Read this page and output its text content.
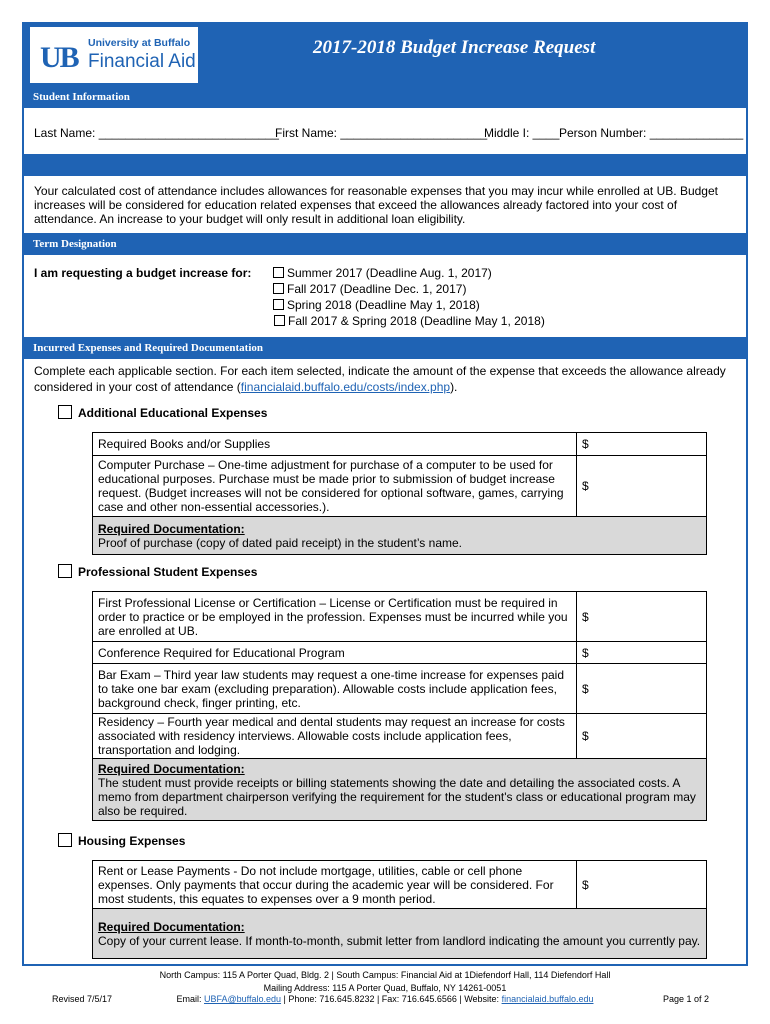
UB University at Buffalo
Financial Aid
2017-2018 Budget Increase Request
Student Information
Last Name: ___________________________
First Name: ______________________
Middle I: ____ Person Number: ______________
Your calculated cost of attendance includes allowances for reasonable expenses that you may incur while enrolled at UB. Budget
increases will be considered for education related expenses that exceed the allowances already factored into your cost of
attendance. An increase to your budget will only result in additional loan eligibility.
Term Designation
I am requesting a budget increase for:	Summer 2017 (Deadline Aug. 1, 2017)
Fall 2017 (Deadline Dec. 1, 2017)
Spring 2018 (Deadline May 1, 2018)
Fall 2017 & Spring 2018 (Deadline May 1, 2018)
Incurred Expenses and Required Documentation
Complete each applicable section. For each item selected, indicate the amount of the expense that exceeds the allowance already
considered in your cost of attendance (financialaid.buffalo.edu/costs/index.php).
Additional Educational Expenses
Required Books and/or Supplies	$
Computer Purchase – One-time adjustment for purchase of a computer to be used for educational purposes. Purchase must be made prior to submission of budget increase request. (Budget increases will not be considered for optional software, games, carrying case and other non-essential accessories.).	$

Required Documentation:
Proof of purchase (copy of dated paid receipt) in the student’s name.	
Professional Student Expenses
First Professional License or Certification – License or Certification must be required in order to practice or be employed in the profession. Expenses must be incurred while you are enrolled at UB.	$
Conference Required for Educational Program	$
Bar Exam – Third year law students may request a one-time increase for expenses paid to take one bar exam (excluding preparation). Allowable costs include application fees, background check, finger printing, etc.	$
Residency – Fourth year medical and dental students may request an increase for costs associated with residency interviews. Allowable costs include application fees, transportation and lodging.	$

Required Documentation:
The student must provide receipts or billing statements showing the date and detailing the associated costs. A memo from department chairperson verifying the requirement for the student's class or educational program may also be required.	
Housing Expenses
Rent or Lease Payments - Do not include mortgage, utilities, cable or cell phone expenses. Only payments that occur during the academic year will be considered. For most students, this equates to expenses over a 9 month period.	$

Required Documentation:
Copy of your current lease. If month-to-month, submit letter from landlord indicating the amount you currently pay.
North Campus: 115 A Porter Quad, Bldg. 2 | South Campus: Financial Aid at 1Diefendorf Hall, 114 Diefendorf Hall
Mailing Address: 115 A Porter Quad, Buffalo, NY 14261-0051
Revised 7/5/17	Email: UBFA@buffalo.edu | Phone: 716.645.8232 | Fax: 716.645.6566 | Website: financialaid.buffalo.edu	Page 1 of 2
